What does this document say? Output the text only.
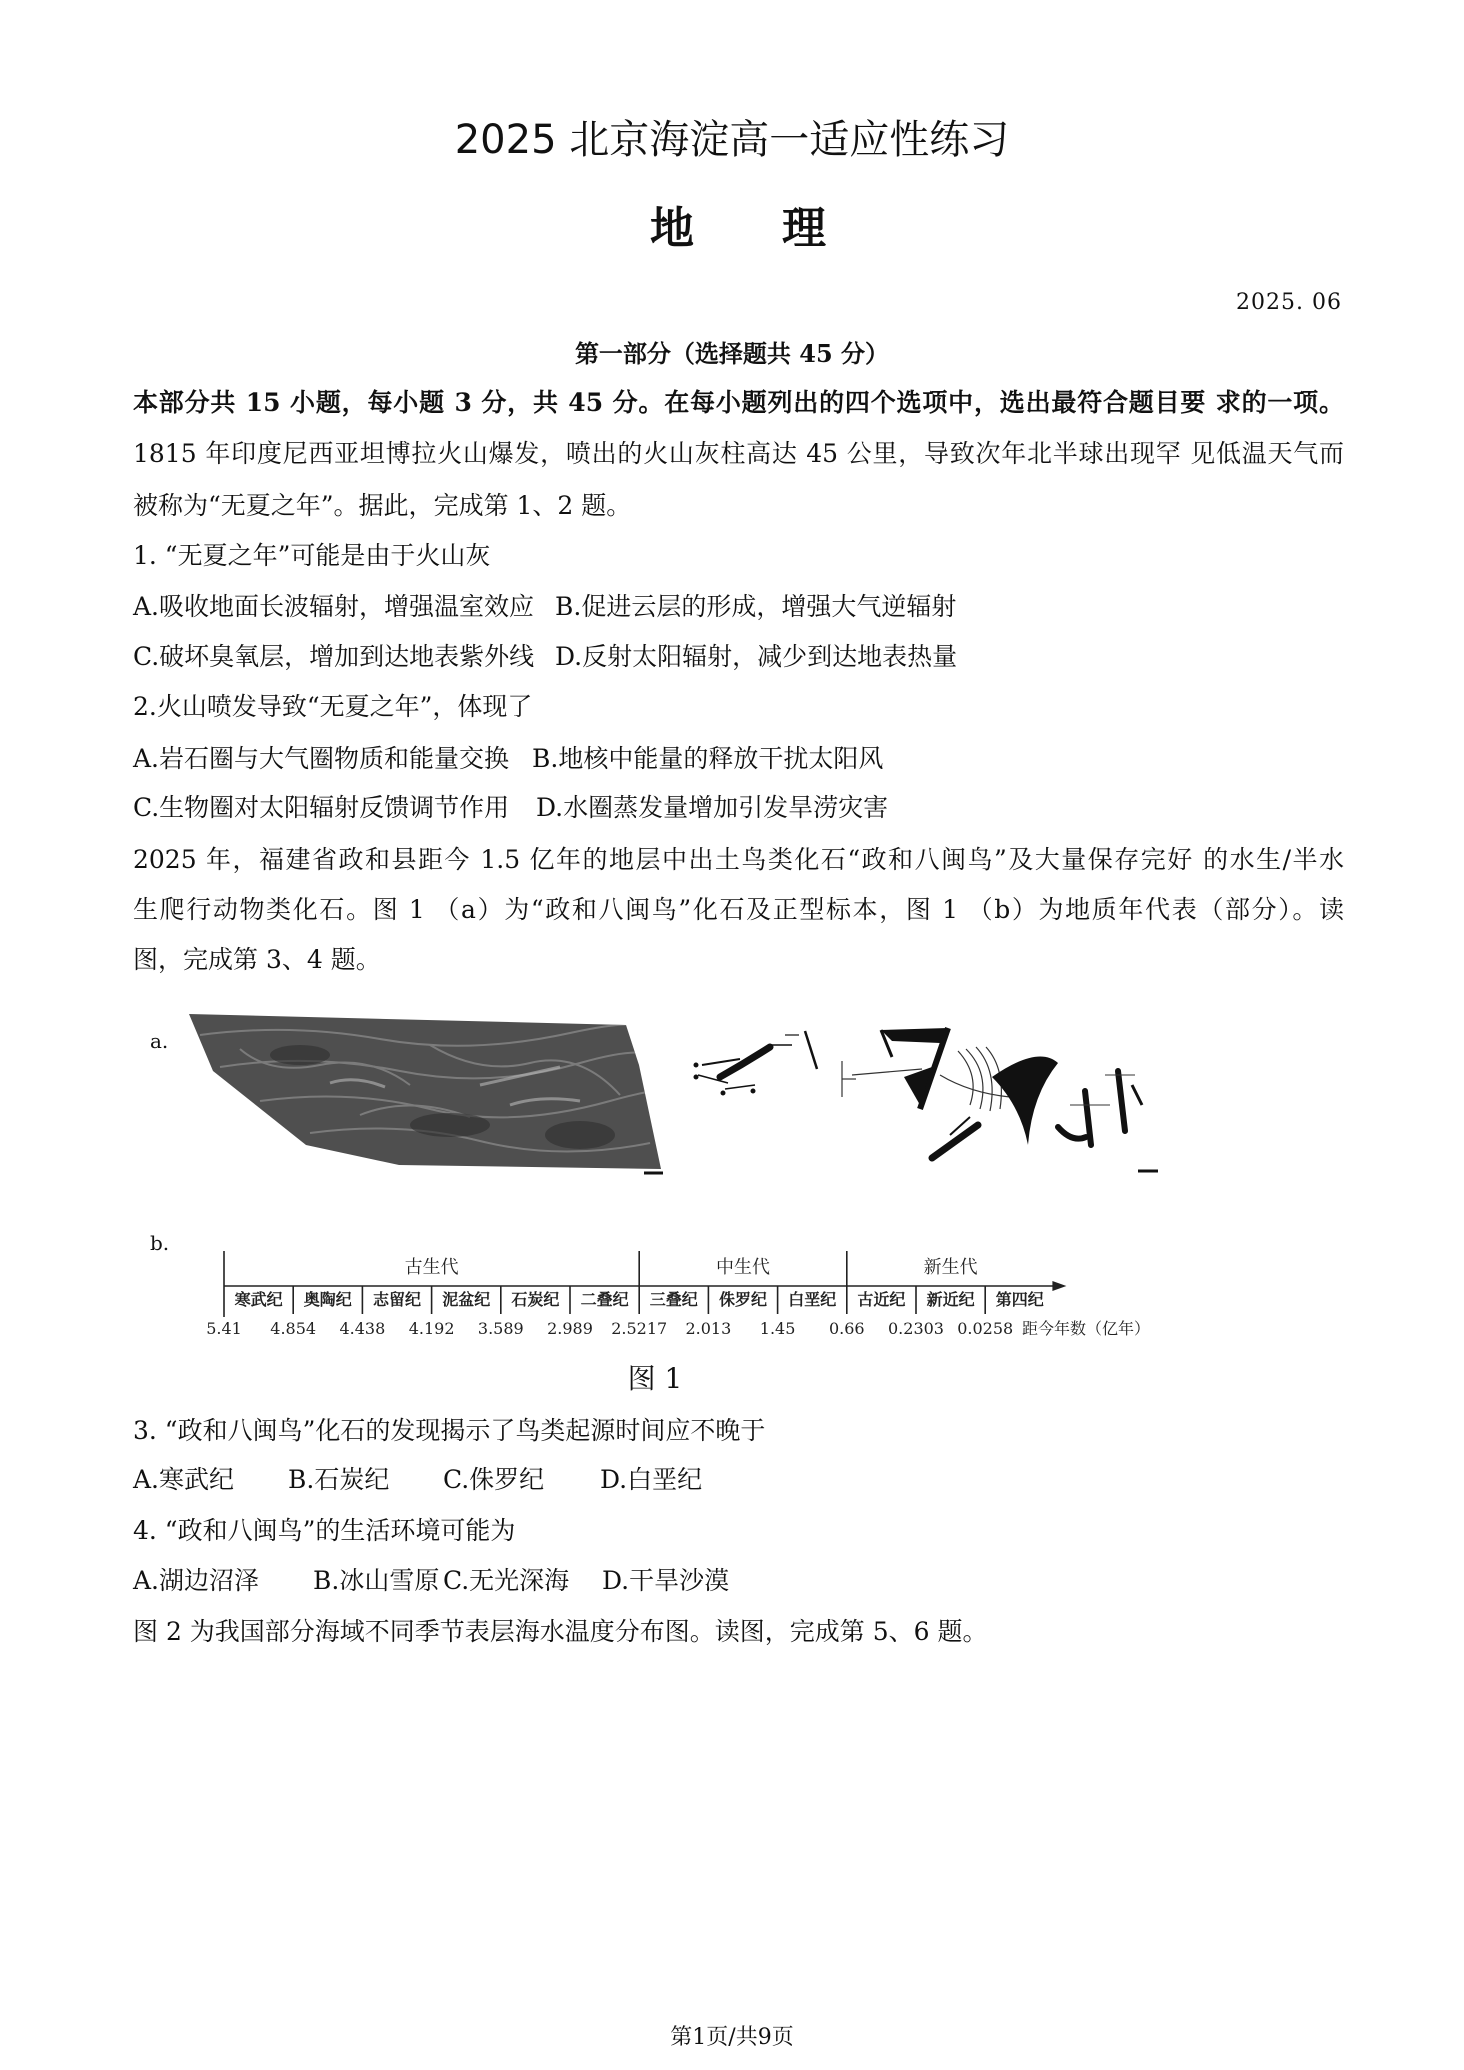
2025 北京海淀高一适应性练习
地 理
2025. 06
第一部分（选择题共 45 分）
本部分共 15 小题，每小题 3 分，共 45 分。在每小题列出的四个选项中，选出最符合题目要 求的一项。
1815 年印度尼西亚坦博拉火山爆发，喷出的火山灰柱高达 45 公里，导致次年北半球出现罕 见低温天气而
被称为“无夏之年”。据此，完成第 1、2 题。
1. “无夏之年”可能是由于火山灰
A.吸收地面长波辐射，增强温室效应 B.促进云层的形成，增强大气逆辐射
C.破坏臭氧层，增加到达地表紫外线 D.反射太阳辐射，减少到达地表热量
2.火山喷发导致“无夏之年”，体现了
A.岩石圈与大气圈物质和能量交换 B.地核中能量的释放干扰太阳风
C.生物圈对太阳辐射反馈调节作用 D.水圈蒸发量增加引发旱涝灾害
2025 年，福建省政和县距今 1.5 亿年的地层中出土鸟类化石“政和八闽鸟”及大量保存完好 的水生/半水
生爬行动物类化石。图 1 （a）为“政和八闽鸟”化石及正型标本，图 1 （b）为地质年代表（部分）。读
图，完成第 3、4 题。
a.
b.
古生代
寒武纪 奥陶纪 志留纪 泥盆纪 石炭纪 二叠纪
中生代
三叠纪 侏罗纪 白垩纪
新生代
古近纪 新近纪 第四纪
5.41 4.854 4.438 4.192 3.589 2.989 2.5217 2.013 1.45 0.66 0.2303 0.0258 距今年数（亿年）
图 1
3. “政和八闽鸟”化石的发现揭示了鸟类起源时间应不晚于
A.寒武纪 B.石炭纪 C.侏罗纪 D.白垩纪
4. “政和八闽鸟”的生活环境可能为
A.湖边沼泽 B.冰山雪原 C.无光深海 D.干旱沙漠
图 2 为我国部分海域不同季节表层海水温度分布图。读图，完成第 5、6 题。
第1页/共9页
